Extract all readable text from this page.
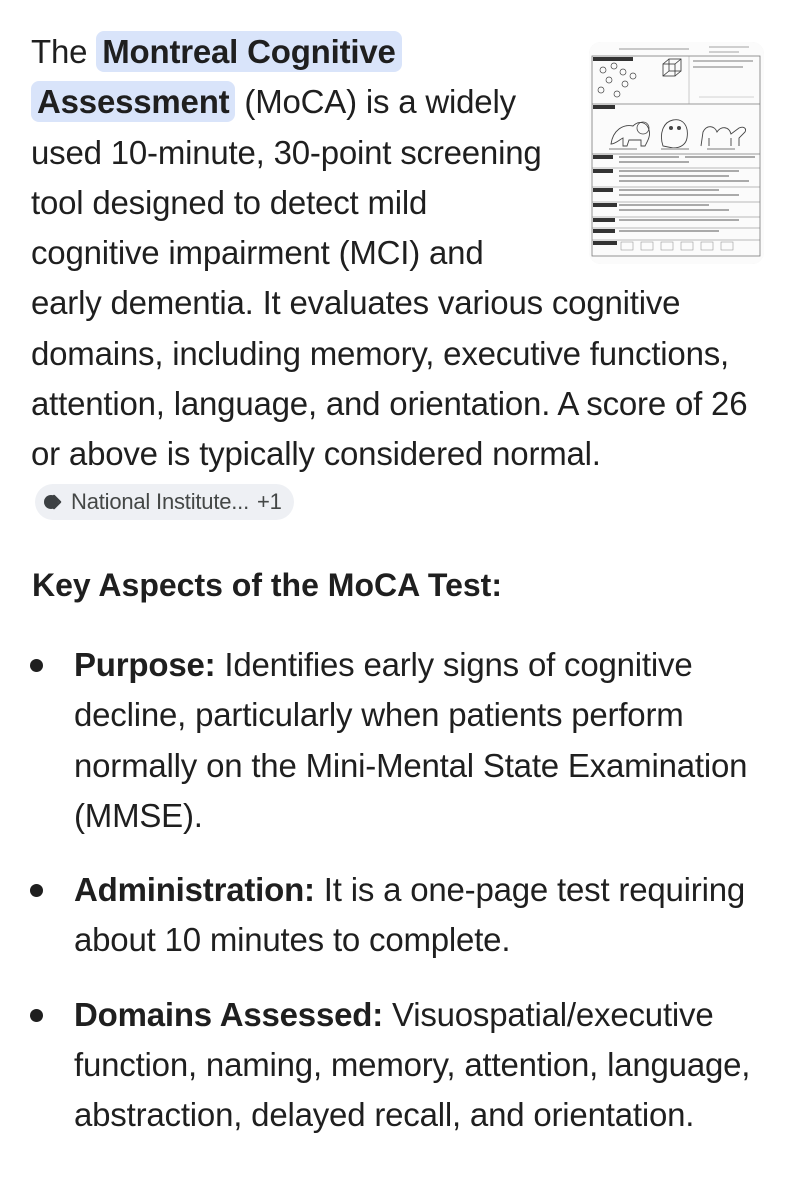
The Montreal Cognitive Assessment (MoCA) is a widely used 10-minute, 30-point screening tool designed to detect mild cognitive impairment (MCI) and early dementia. It evaluates various cognitive domains, including memory, executive functions, attention, language, and orientation. A score of 26 or above is typically considered normal.
National Institute... +1

Key Aspects of the MoCA Test:
Purpose: Identifies early signs of cognitive decline, particularly when patients perform normally on the Mini-Mental State Examination (MMSE).
Administration: It is a one-page test requiring about 10 minutes to complete.
Domains Assessed: Visuospatial/executive function, naming, memory, attention, language, abstraction, delayed recall, and orientation.
